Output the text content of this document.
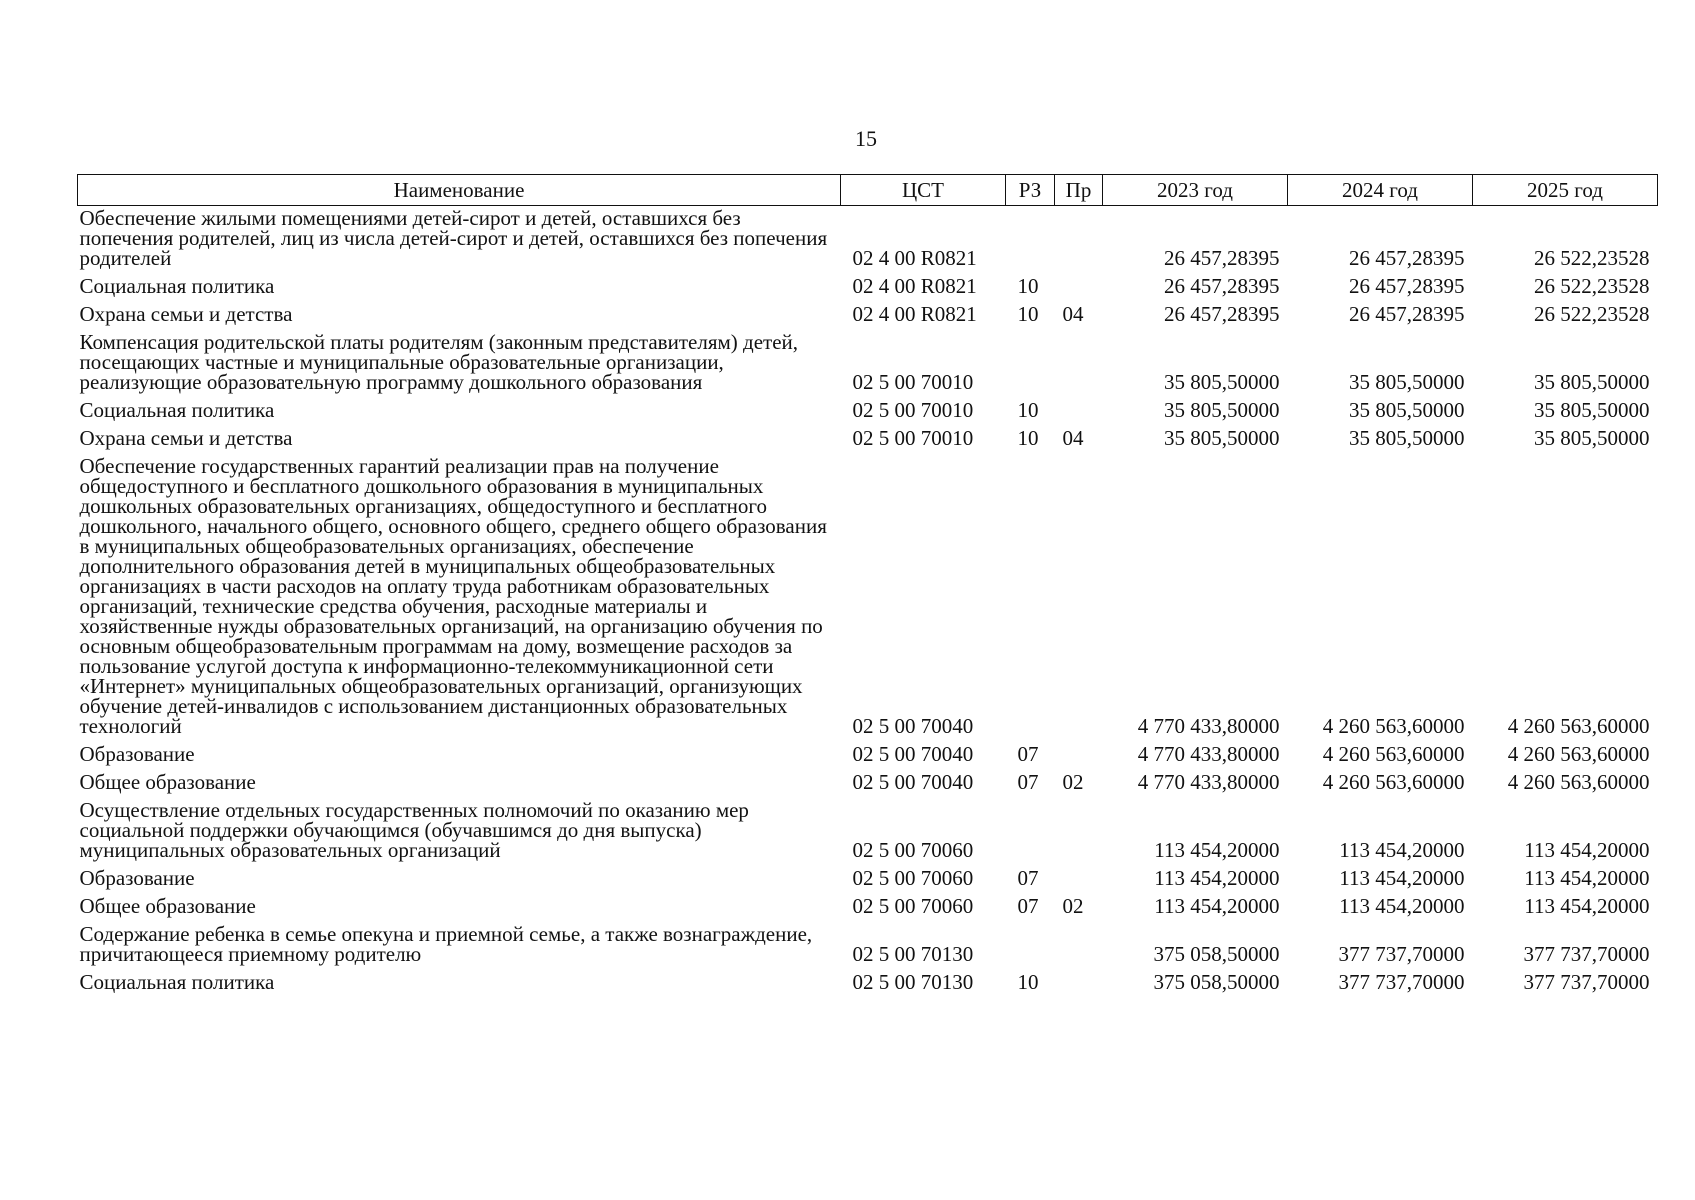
15
Наименование	ЦСТ	РЗ	Пр	2023 год	2024 год	2025 год
Обеспечение жилыми помещениями детей-сирот и детей, оставшихся без попечения родителей, лиц из числа детей-сирот и детей, оставшихся без попечения родителей	02 4 00 R0821			26 457,28395	26 457,28395	26 522,23528
Социальная политика	02 4 00 R0821	10		26 457,28395	26 457,28395	26 522,23528
Охрана семьи и детства	02 4 00 R0821	10	04	26 457,28395	26 457,28395	26 522,23528
Компенсация родительской платы родителям (законным представителям) детей, посещающих частные и муниципальные образовательные организации, реализующие образовательную программу дошкольного образования	02 5 00 70010			35 805,50000	35 805,50000	35 805,50000
Социальная политика	02 5 00 70010	10		35 805,50000	35 805,50000	35 805,50000
Охрана семьи и детства	02 5 00 70010	10	04	35 805,50000	35 805,50000	35 805,50000
Обеспечение государственных гарантий реализации прав на получение общедоступного и бесплатного дошкольного образования в муниципальных дошкольных образовательных организациях, общедоступного и бесплатного дошкольного, начального общего, основного общего, среднего общего образования в муниципальных общеобразовательных организациях, обеспечение дополнительного образования детей в муниципальных общеобразовательных организациях в части расходов на оплату труда работникам образовательных организаций, технические средства обучения, расходные материалы и хозяйственные нужды образовательных организаций, на организацию обучения по основным общеобразовательным программам на дому, возмещение расходов за пользование услугой доступа к информационно-телекоммуникационной сети «Интернет» муниципальных общеобразовательных организаций, организующих обучение детей-инвалидов с использованием дистанционных образовательных технологий	02 5 00 70040			4 770 433,80000	4 260 563,60000	4 260 563,60000
Образование	02 5 00 70040	07		4 770 433,80000	4 260 563,60000	4 260 563,60000
Общее образование	02 5 00 70040	07	02	4 770 433,80000	4 260 563,60000	4 260 563,60000
Осуществление отдельных государственных полномочий по оказанию мер социальной поддержки обучающимся (обучавшимся до дня выпуска) муниципальных образовательных организаций	02 5 00 70060			113 454,20000	113 454,20000	113 454,20000
Образование	02 5 00 70060	07		113 454,20000	113 454,20000	113 454,20000
Общее образование	02 5 00 70060	07	02	113 454,20000	113 454,20000	113 454,20000
Содержание ребенка в семье опекуна и приемной семье, а также вознаграждение, причитающееся приемному родителю	02 5 00 70130			375 058,50000	377 737,70000	377 737,70000
Социальная политика	02 5 00 70130	10		375 058,50000	377 737,70000	377 737,70000
